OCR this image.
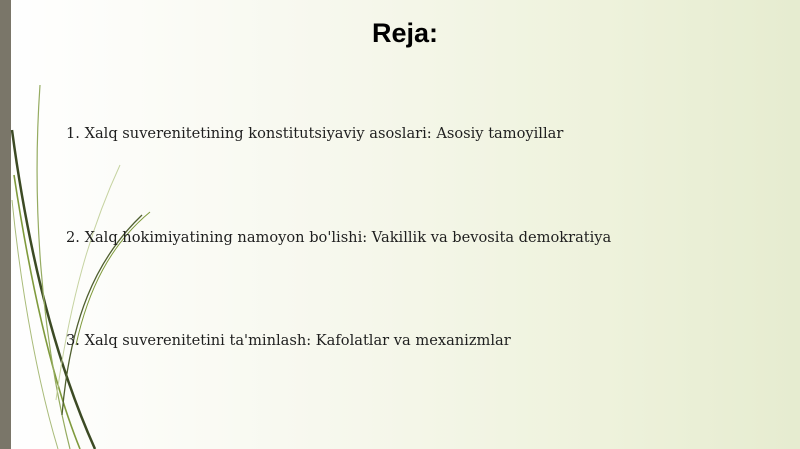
Reja:
1. Xalq suverenitetining konstitutsiyaviy asoslari: Asosiy tamoyillar
2. Xalq hokimiyatining namoyon bo'lishi: Vakillik va bevosita demokratiya
3. Xalq suverenitetini ta'minlash: Kafolatlar va mexanizmlar
